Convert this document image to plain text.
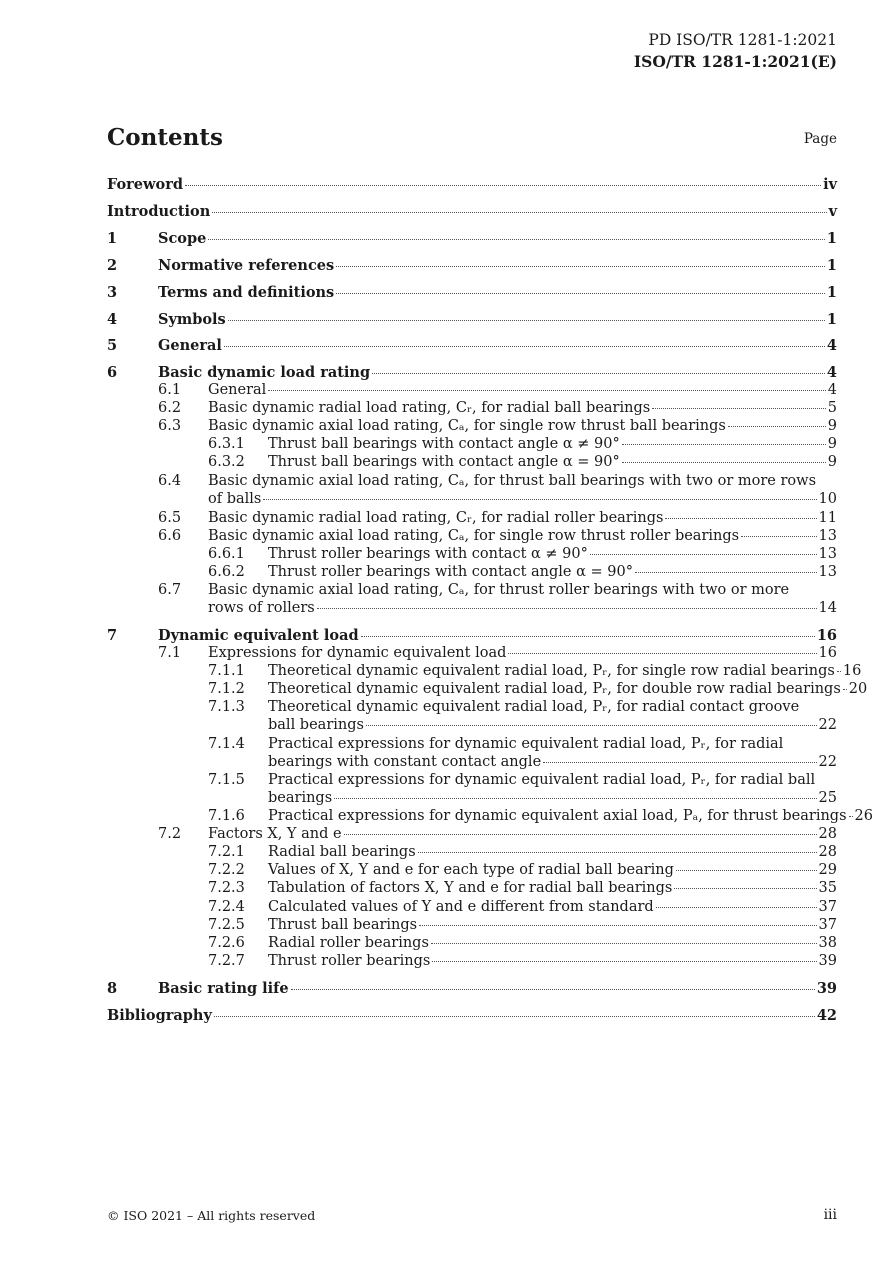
PD ISO/TR 1281-1:2021
ISO/TR 1281-1:2021(E)
Contents	Page
Foreword	iv
Introduction	v
1	Scope	1
2	Normative references	1
3	Terms and definitions	1
4	Symbols	1
5	General	4
6	Basic dynamic load rating	4
6.1 General	4
6.2 Basic dynamic radial load rating, Cᵣ, for radial ball bearings	5
6.3 Basic dynamic axial load rating, Cₐ, for single row thrust ball bearings	9
6.3.1 Thrust ball bearings with contact angle α ≠ 90°	9
6.3.2 Thrust ball bearings with contact angle α = 90°	9
6.4 Basic dynamic axial load rating, Cₐ, for thrust ball bearings with two or more rows
of balls	10
6.5 Basic dynamic radial load rating, Cᵣ, for radial roller bearings	11
6.6 Basic dynamic axial load rating, Cₐ, for single row thrust roller bearings	13
6.6.1 Thrust roller bearings with contact α ≠ 90°	13
6.6.2 Thrust roller bearings with contact angle α = 90°	13
6.7 Basic dynamic axial load rating, Cₐ, for thrust roller bearings with two or more
rows of rollers	14
7	Dynamic equivalent load	16
7.1 Expressions for dynamic equivalent load	16
7.1.1 Theoretical dynamic equivalent radial load, Pᵣ, for single row radial bearings 16
7.1.2 Theoretical dynamic equivalent radial load, Pᵣ, for double row radial bearings 20
7.1.3 Theoretical dynamic equivalent radial load, Pᵣ, for radial contact groove
ball bearings	22
7.1.4 Practical expressions for dynamic equivalent radial load, Pᵣ, for radial
bearings with constant contact angle	22
7.1.5 Practical expressions for dynamic equivalent radial load, Pᵣ, for radial ball
bearings	25
7.1.6 Practical expressions for dynamic equivalent axial load, Pₐ, for thrust bearings 26
7.2 Factors X, Y and e	28
7.2.1 Radial ball bearings	28
7.2.2 Values of X, Y and e for each type of radial ball bearing	29
7.2.3 Tabulation of factors X, Y and e for radial ball bearings	35
7.2.4 Calculated values of Y and e different from standard	37
7.2.5 Thrust ball bearings	37
7.2.6 Radial roller bearings	38
7.2.7 Thrust roller bearings	39
8	Basic rating life	39
Bibliography	42
© ISO 2021 – All rights reserved	iii
